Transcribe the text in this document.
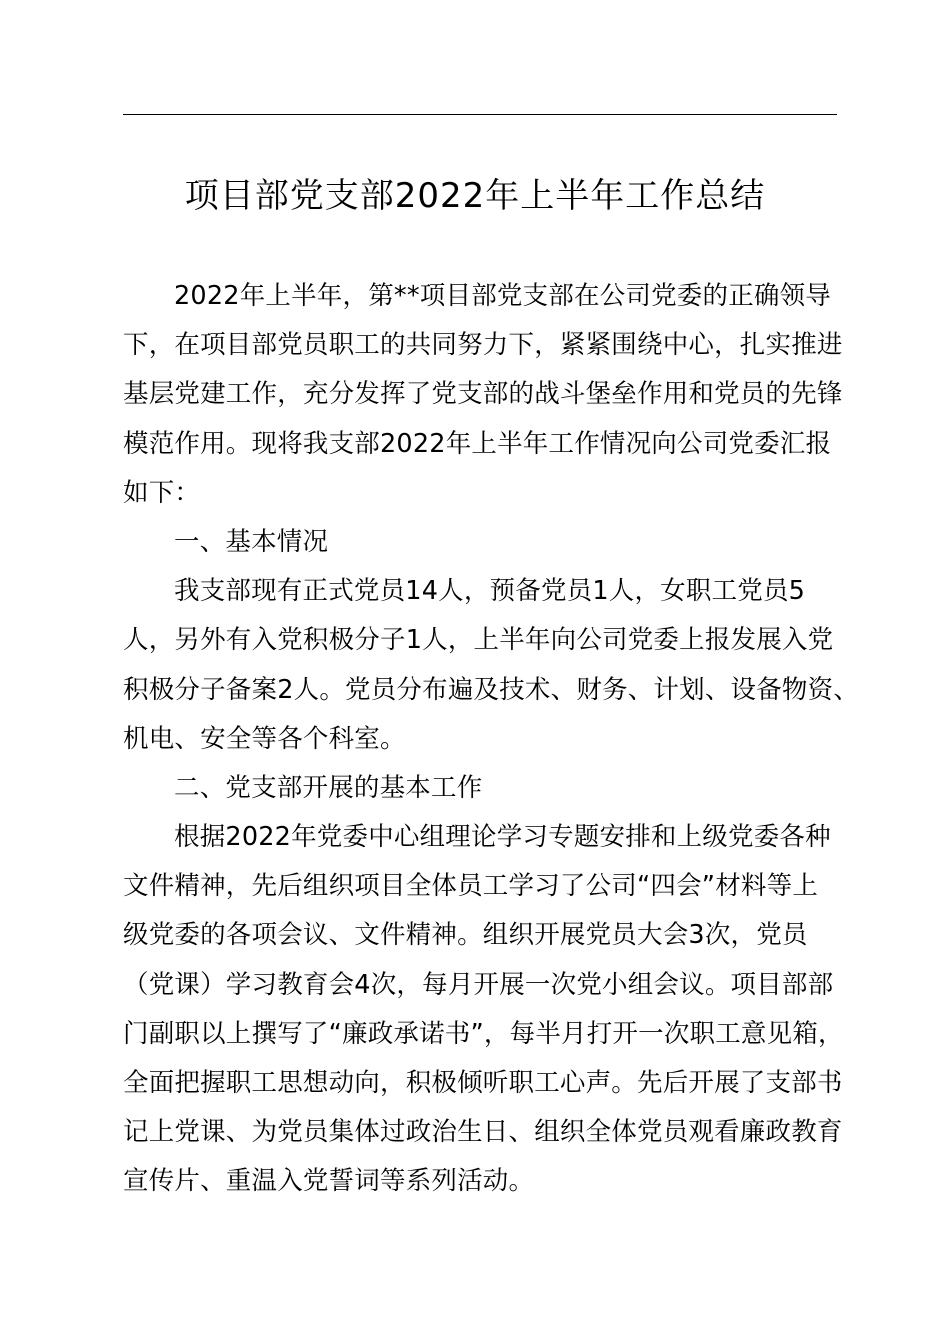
项目部党支部2022年上半年工作总结
2022年上半年，第**项目部党支部在公司党委的正确领导
下，在项目部党员职工的共同努力下，紧紧围绕中心，扎实推进
基层党建工作，充分发挥了党支部的战斗堡垒作用和党员的先锋
模范作用。现将我支部2022年上半年工作情况向公司党委汇报
如下：
一、基本情况
我支部现有正式党员14人，预备党员1人，女职工党员5
人，另外有入党积极分子1人，上半年向公司党委上报发展入党
积极分子备案2人。党员分布遍及技术、财务、计划、设备物资、
机电、安全等各个科室。
二、党支部开展的基本工作
根据2022年党委中心组理论学习专题安排和上级党委各种
文件精神，先后组织项目全体员工学习了公司“四会”材料等上
级党委的各项会议、文件精神。组织开展党员大会3次，党员
（党课）学习教育会4次，每月开展一次党小组会议。项目部部
门副职以上撰写了“廉政承诺书”，每半月打开一次职工意见箱，
全面把握职工思想动向，积极倾听职工心声。先后开展了支部书
记上党课、为党员集体过政治生日、组织全体党员观看廉政教育
宣传片、重温入党誓词等系列活动。
